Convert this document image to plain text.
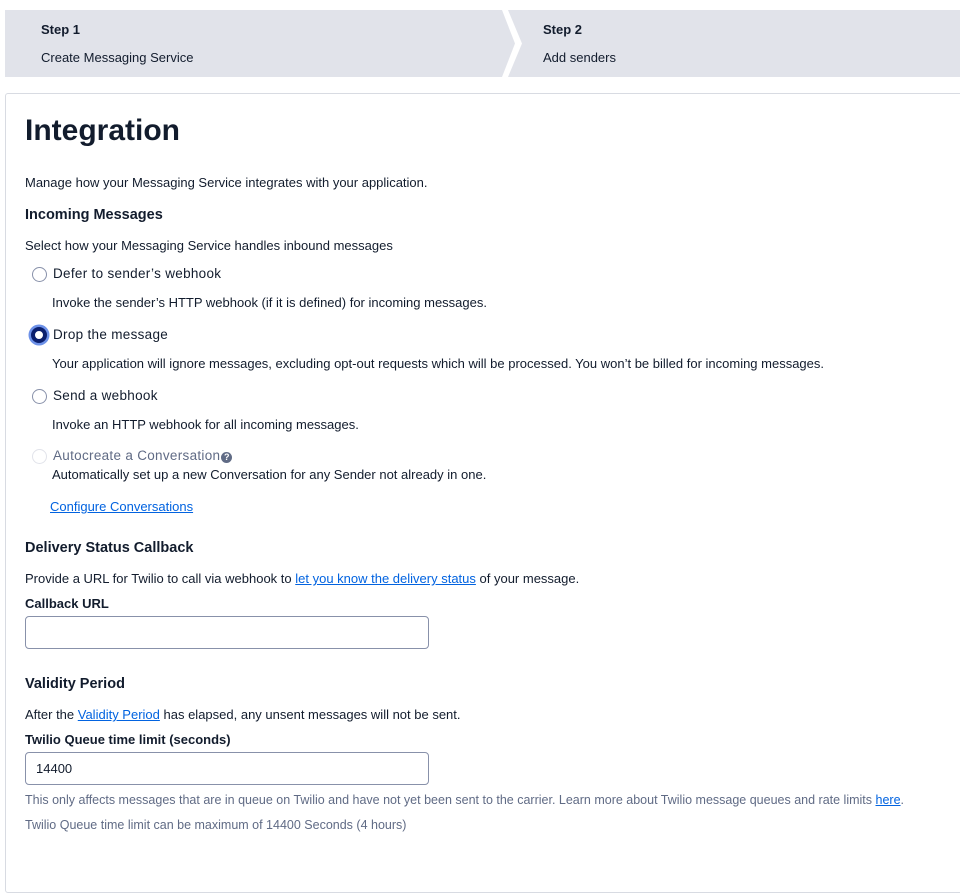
Step 1
Create Messaging Service
Step 2
Add senders
Integration
Manage how your Messaging Service integrates with your application.
Incoming Messages
Select how your Messaging Service handles inbound messages
Defer to sender’s webhook
Invoke the sender’s HTTP webhook (if it is defined) for incoming messages.
Drop the message
Your application will ignore messages, excluding opt-out requests which will be processed. You won’t be billed for incoming messages.
Send a webhook
Invoke an HTTP webhook for all incoming messages.
Autocreate a Conversation ?
Automatically set up a new Conversation for any Sender not already in one.
Configure Conversations
Delivery Status Callback
Provide a URL for Twilio to call via webhook to let you know the delivery status of your message.
Callback URL
Validity Period
After the Validity Period has elapsed, any unsent messages will not be sent.
Twilio Queue time limit (seconds)
14400
This only affects messages that are in queue on Twilio and have not yet been sent to the carrier. Learn more about Twilio message queues and rate limits here.
Twilio Queue time limit can be maximum of 14400 Seconds (4 hours)
